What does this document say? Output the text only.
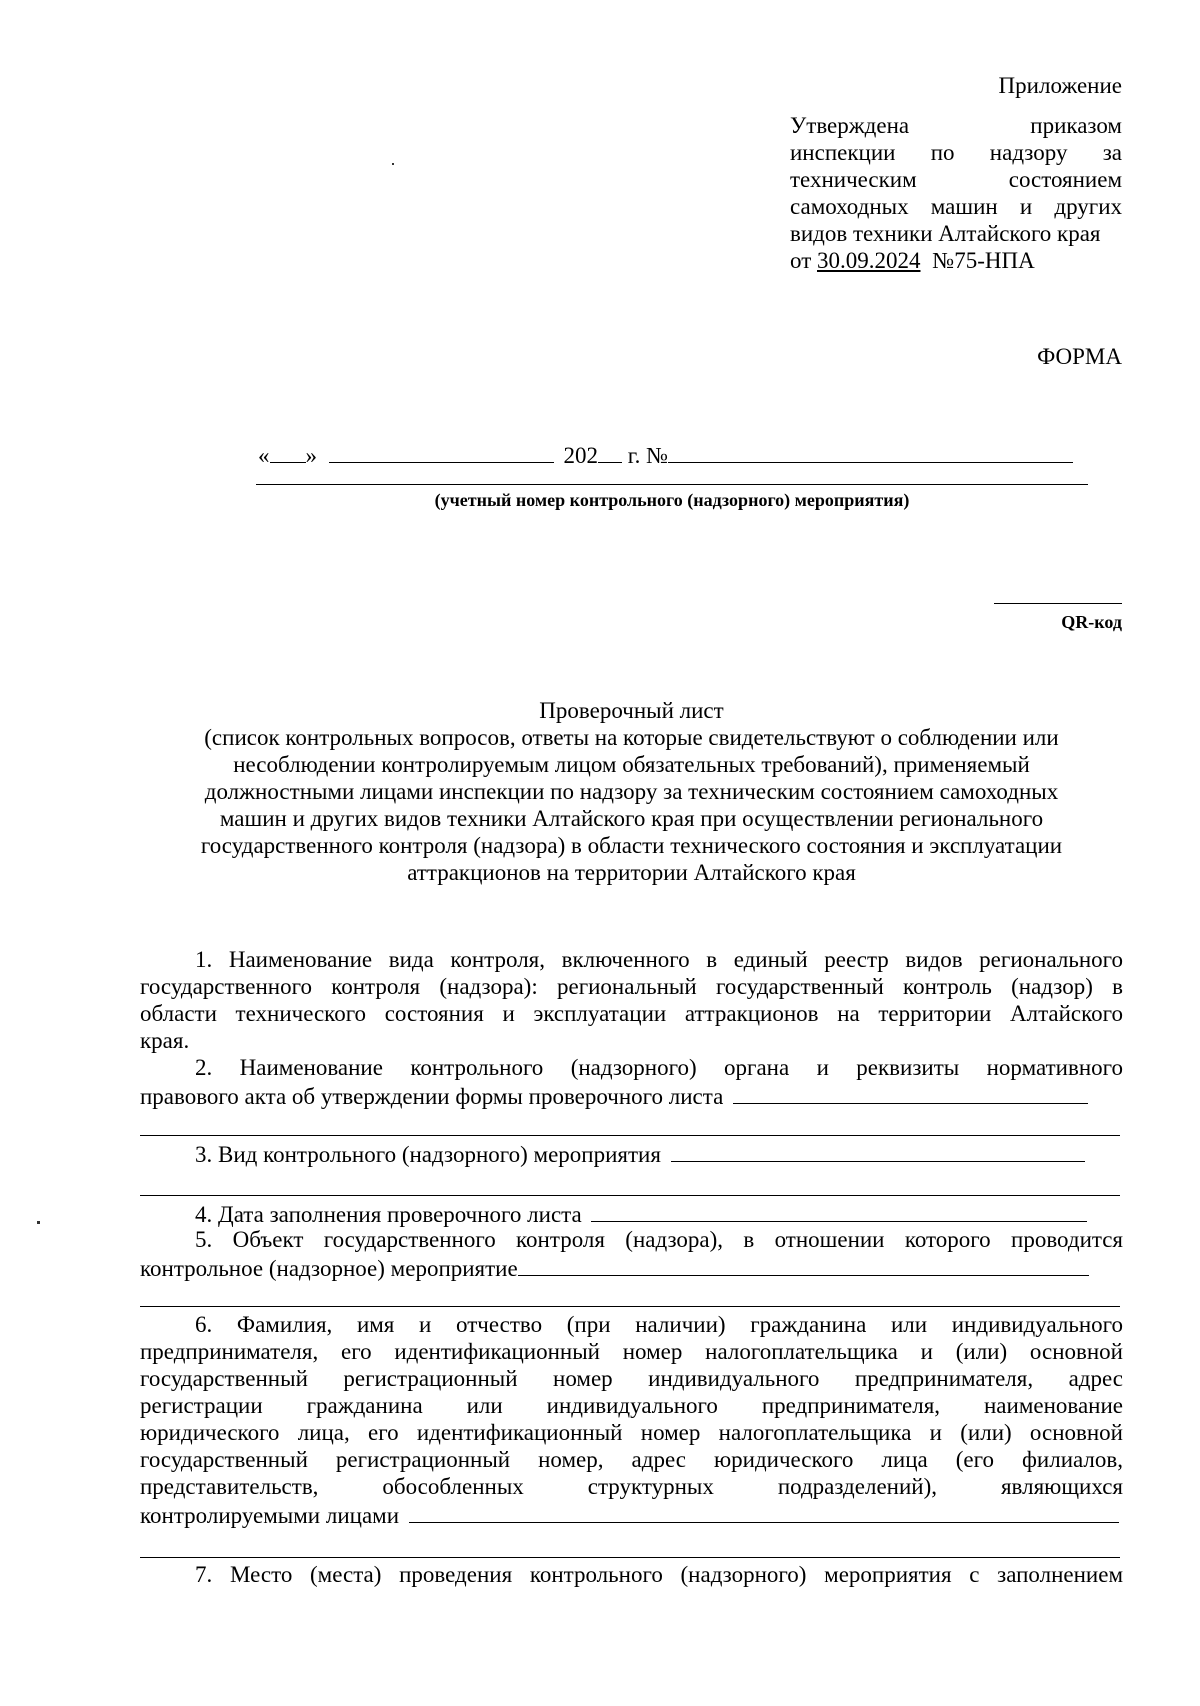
Приложение
Утверждена	приказом
инспекции по надзору за
техническим	состоянием
самоходных машин и других
видов техники Алтайского края
от 30.09.2024 №75-НПА
ФОРМА
« »	202 г. №
(учетный номер контрольного (надзорного) мероприятия)
QR-код
Проверочный лист
(список контрольных вопросов, ответы на которые свидетельствуют о соблюдении или
несоблюдении контролируемым лицом обязательных требований), применяемый
должностными лицами инспекции по надзору за техническим состоянием самоходных
машин и других видов техники Алтайского края при осуществлении регионального
государственного контроля (надзора) в области технического состояния и эксплуатации
аттракционов на территории Алтайского края
1. Наименование вида контроля, включенного в единый реестр видов регионального
государственного контроля (надзора): региональный государственный контроль (надзор) в
области технического состояния и эксплуатации аттракционов на территории Алтайского
края.
2. Наименование контрольного (надзорного) органа и реквизиты нормативного
правового акта об утверждении формы проверочного листа
3. Вид контрольного (надзорного) мероприятия
4. Дата заполнения проверочного листа
5. Объект государственного контроля (надзора), в отношении которого проводится
контрольное (надзорное) мероприятие
6. Фамилия, имя и отчество (при наличии) гражданина или индивидуального
предпринимателя, его идентификационный номер налогоплательщика и (или) основной
государственный регистрационный номер индивидуального предпринимателя, адрес
регистрации гражданина или индивидуального предпринимателя, наименование
юридического лица, его идентификационный номер налогоплательщика и (или) основной
государственный регистрационный номер, адрес юридического лица (его филиалов,
представительств, обособленных структурных подразделений), являющихся
контролируемыми лицами
7. Место (места) проведения контрольного (надзорного) мероприятия с заполнением
